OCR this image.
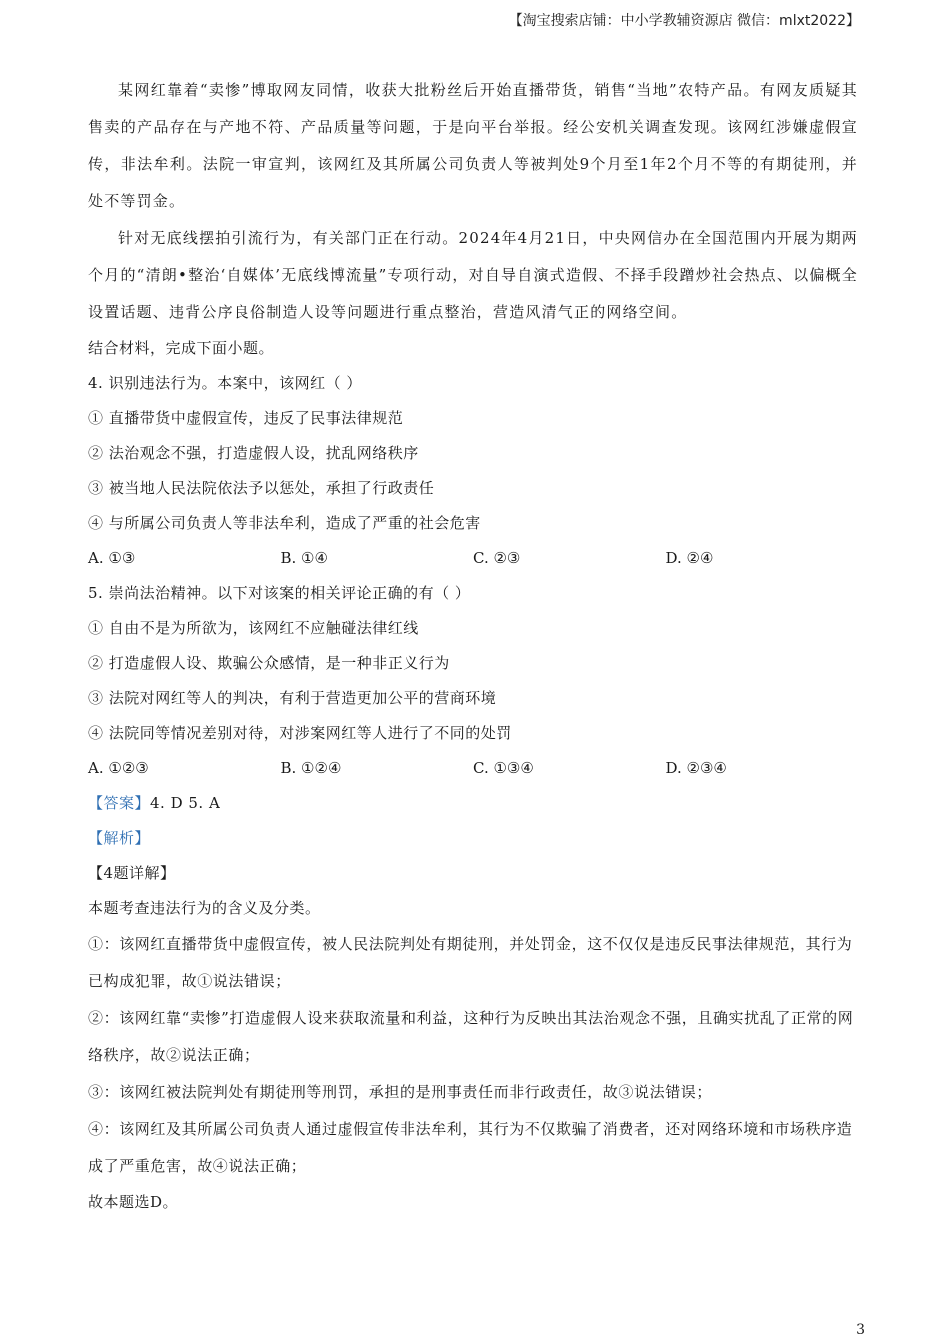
【淘宝搜索店铺：中小学教辅资源店 微信：mlxt2022】

某网红靠着“卖惨”博取网友同情，收获大批粉丝后开始直播带货，销售“当地”农特产品。有网友质疑其售卖的产品存在与产地不符、产品质量等问题，于是向平台举报。经公安机关调查发现。该网红涉嫌虚假宣传，非法牟利。法院一审宣判，该网红及其所属公司负责人等被判处9个月至1年2个月不等的有期徒刑，并处不等罚金。

针对无底线摆拍引流行为，有关部门正在行动。2024年4月21日，中央网信办在全国范围内开展为期两个月的“清朗•整治‘自媒体’无底线博流量”专项行动，对自导自演式造假、不择手段蹭炒社会热点、以偏概全设置话题、违背公序良俗制造人设等问题进行重点整治，营造风清气正的网络空间。

结合材料，完成下面小题。

4. 识别违法行为。本案中，该网红（ ）

① 直播带货中虚假宣传，违反了民事法律规范

② 法治观念不强，打造虚假人设，扰乱网络秩序

③ 被当地人民法院依法予以惩处，承担了行政责任

④ 与所属公司负责人等非法牟利，造成了严重的社会危害

A. ①③	B. ①④	C. ②③	D. ②④

5. 崇尚法治精神。以下对该案的相关评论正确的有（ ）

① 自由不是为所欲为，该网红不应触碰法律红线

② 打造虚假人设、欺骗公众感情，是一种非正义行为

③ 法院对网红等人的判决，有利于营造更加公平的营商环境

④ 法院同等情况差别对待，对涉案网红等人进行了不同的处罚

A. ①②③	B. ①②④	C. ①③④	D. ②③④

【答案】4. D 5. A

【解析】

【4题详解】

本题考查违法行为的含义及分类。

①：该网红直播带货中虚假宣传，被人民法院判处有期徒刑，并处罚金，这不仅仅是违反民事法律规范，其行为已构成犯罪，故①说法错误；

②：该网红靠“卖惨”打造虚假人设来获取流量和利益，这种行为反映出其法治观念不强，且确实扰乱了正常的网络秩序，故②说法正确；

③：该网红被法院判处有期徒刑等刑罚，承担的是刑事责任而非行政责任，故③说法错误；

④：该网红及其所属公司负责人通过虚假宣传非法牟利，其行为不仅欺骗了消费者，还对网络环境和市场秩序造成了严重危害，故④说法正确；

故本题选D。

3
